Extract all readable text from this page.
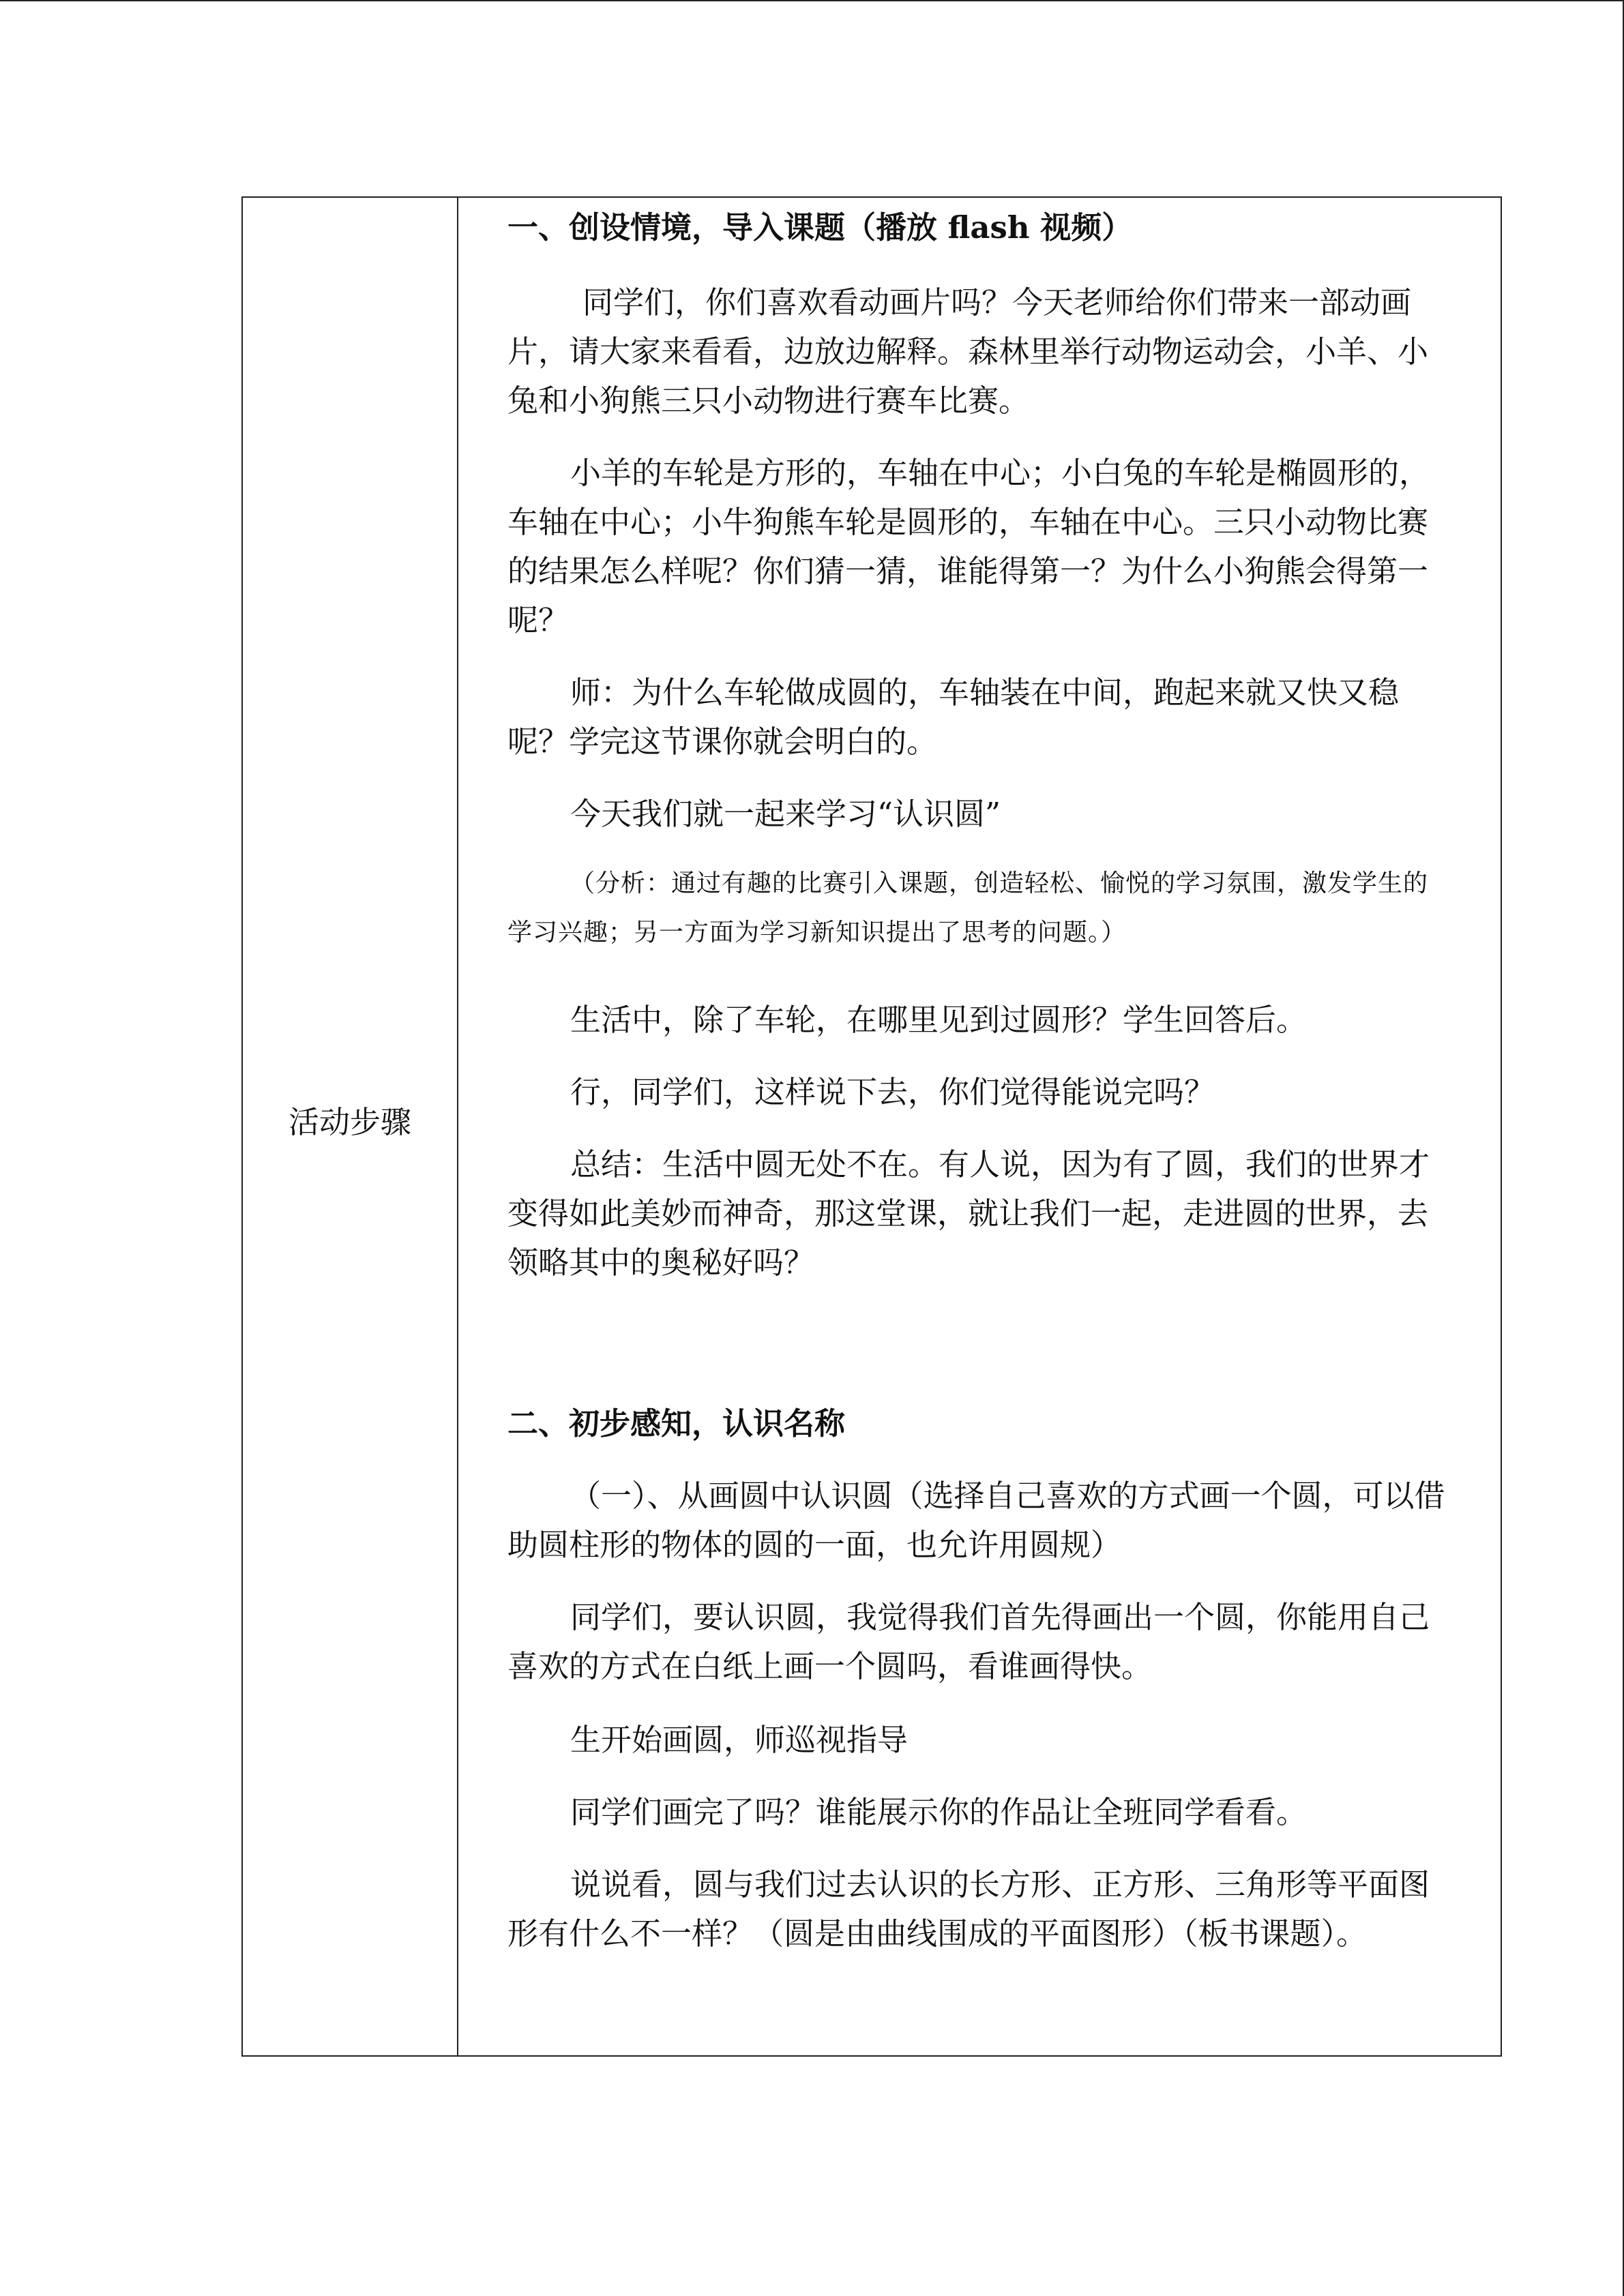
活动步骤

一、创设情境，导入课题（播放 flash 视频）

同学们，你们喜欢看动画片吗？今天老师给你们带来一部动画片，请大家来看看，边放边解释。森林里举行动物运动会，小羊、小兔和小狗熊三只小动物进行赛车比赛。

小羊的车轮是方形的，车轴在中心；小白兔的车轮是椭圆形的，车轴在中心；小牛狗熊车轮是圆形的，车轴在中心。三只小动物比赛的结果怎么样呢？你们猜一猜，谁能得第一？为什么小狗熊会得第一呢？

师：为什么车轮做成圆的，车轴装在中间，跑起来就又快又稳呢？学完这节课你就会明白的。

今天我们就一起来学习“认识圆”

（分析：通过有趣的比赛引入课题，创造轻松、愉悦的学习氛围，激发学生的学习兴趣；另一方面为学习新知识提出了思考的问题。）

生活中，除了车轮，在哪里见到过圆形？学生回答后。

行，同学们，这样说下去，你们觉得能说完吗？

总结：生活中圆无处不在。有人说，因为有了圆，我们的世界才变得如此美妙而神奇，那这堂课，就让我们一起，走进圆的世界，去领略其中的奥秘好吗？

二、初步感知，认识名称

（一）、从画圆中认识圆（选择自己喜欢的方式画一个圆，可以借助圆柱形的物体的圆的一面，也允许用圆规）

同学们，要认识圆，我觉得我们首先得画出一个圆，你能用自己喜欢的方式在白纸上画一个圆吗，看谁画得快。

生开始画圆，师巡视指导

同学们画完了吗？谁能展示你的作品让全班同学看看。

说说看，圆与我们过去认识的长方形、正方形、三角形等平面图形有什么不一样？（圆是由曲线围成的平面图形）（板书课题）。
